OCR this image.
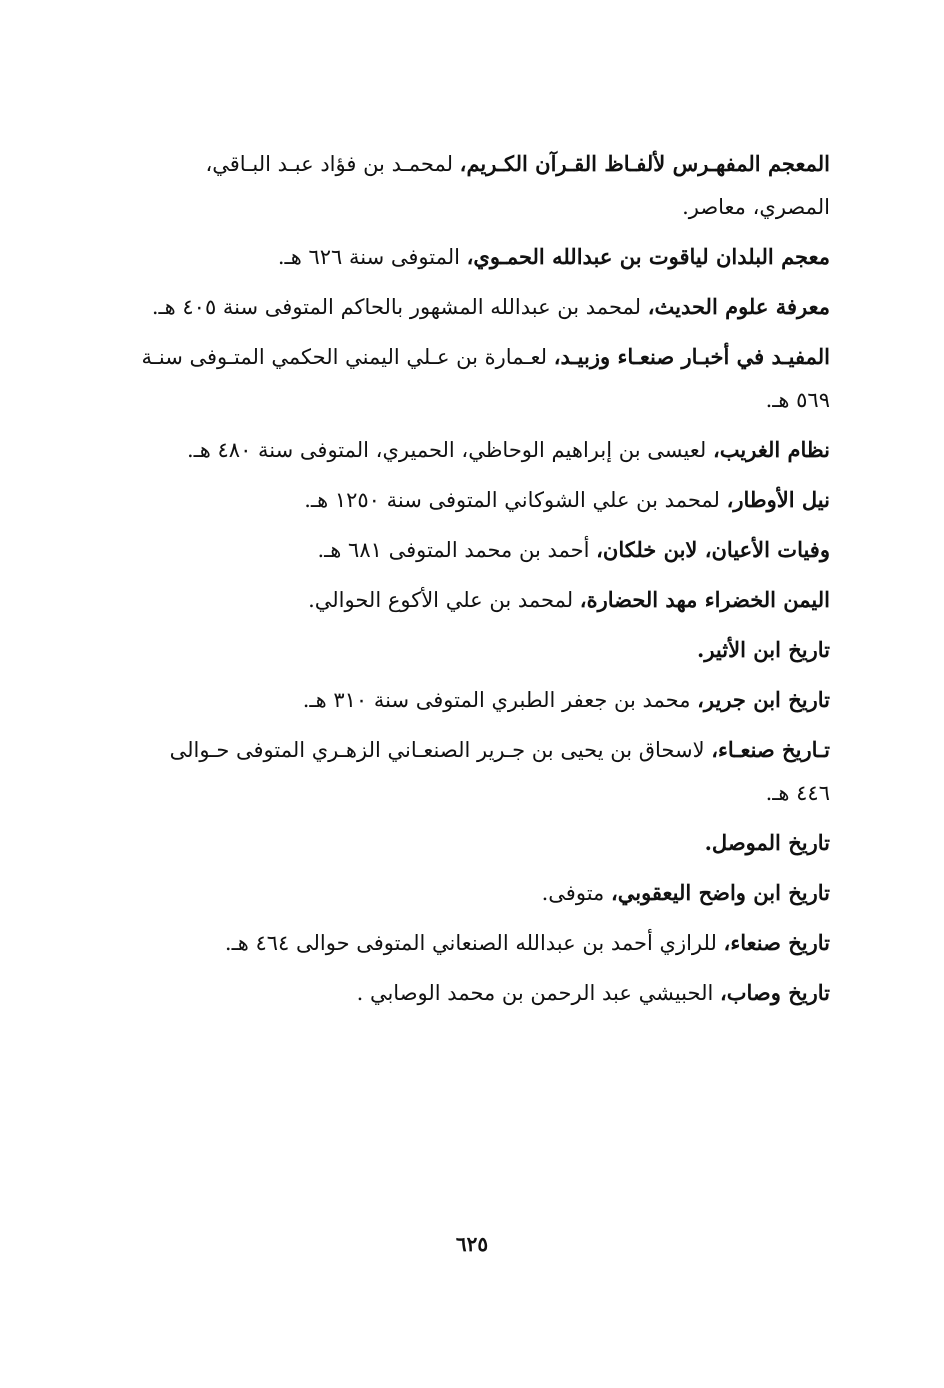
المعجم المفهـرس لألفـاظ القـرآن الكـريم، لمحمـد بن فؤاد عبـد البـاقي، المصري، معاصر.

معجم البلدان لياقوت بن عبدالله الحمـوي، المتوفى سنة ٦٢٦ هـ.

معرفة علوم الحديث، لمحمد بن عبدالله المشهور بالحاكم المتوفى سنة ٤٠٥ هـ.

المفيـد في أخبـار صنعـاء وزبيـد، لعـمارة بن عـلي اليمني الحكمي المتـوفى سنـة ٥٦٩ هـ.

نظام الغريب، لعيسى بن إبراهيم الوحاظي، الحميري، المتوفى سنة ٤٨٠ هـ.

نيل الأوطار، لمحمد بن علي الشوكاني المتوفى سنة ١٢٥٠ هـ.

وفيات الأعيان، لابن خلكان، أحمد بن محمد المتوفى ٦٨١ هـ.

اليمن الخضراء مهد الحضارة، لمحمد بن علي الأكوع الحوالي.

تاريخ ابن الأثير.

تاريخ ابن جرير، محمد بن جعفر الطبري المتوفى سنة ٣١٠ هـ.

تـاريخ صنعـاء، لاسحاق بن يحيى بن جـرير الصنعـاني الزهـري المتوفى حـوالى ٤٤٦ هـ.

تاريخ الموصل.

تاريخ ابن واضح اليعقوبي، متوفى.

تاريخ صنعاء، للرازي أحمد بن عبدالله الصنعاني المتوفى حوالى ٤٦٤ هـ.

تاريخ وصاب، الحبيشي عبد الرحمن بن محمد الوصابي .

٦٢٥
